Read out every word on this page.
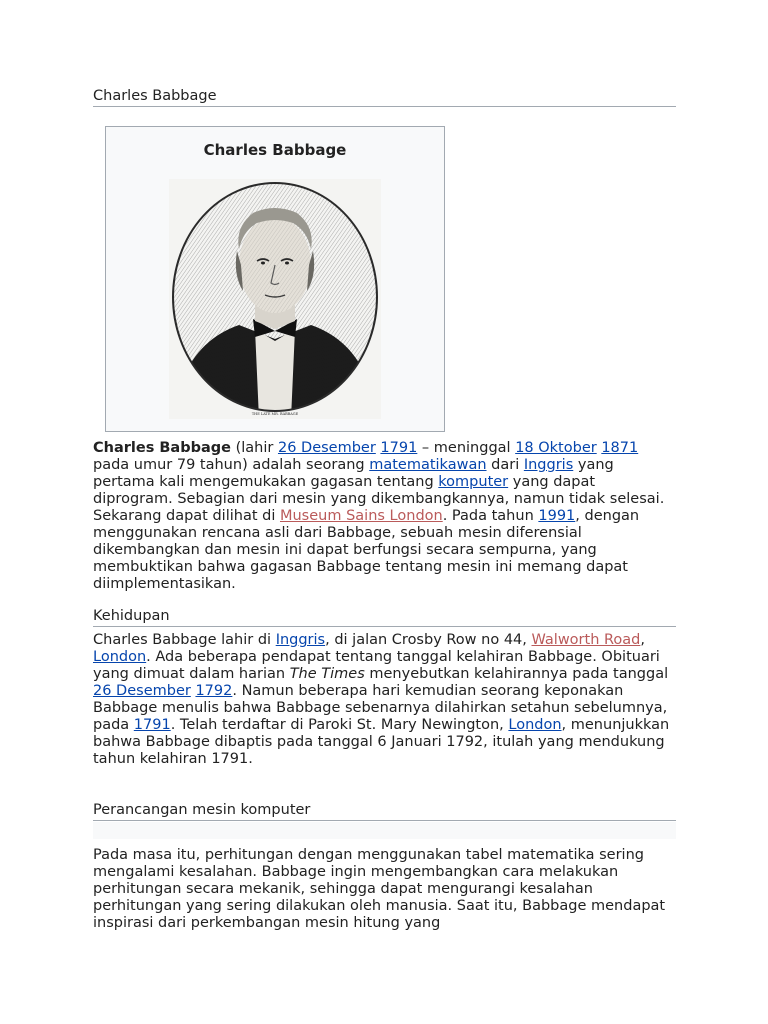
Charles Babbage
Charles Babbage
THE LATE MR. BABBAGE

Charles Babbage (lahir 26 Desember 1791 – meninggal 18 Oktober 1871 pada umur 79 tahun) adalah seorang matematikawan dari Inggris yang pertama kali mengemukakan gagasan tentang komputer yang dapat diprogram. Sebagian dari mesin yang dikembangkannya, namun tidak selesai. Sekarang dapat dilihat di Museum Sains London. Pada tahun 1991, dengan menggunakan rencana asli dari Babbage, sebuah mesin diferensial dikembangkan dan mesin ini dapat berfungsi secara sempurna, yang membuktikan bahwa gagasan Babbage tentang mesin ini memang dapat diimplementasikan.

Kehidupan

Charles Babbage lahir di Inggris, di jalan Crosby Row no 44, Walworth Road, London. Ada beberapa pendapat tentang tanggal kelahiran Babbage. Obituari yang dimuat dalam harian The Times menyebutkan kelahirannya pada tanggal 26 Desember 1792. Namun beberapa hari kemudian seorang keponakan Babbage menulis bahwa Babbage sebenarnya dilahirkan setahun sebelumnya, pada 1791. Telah terdaftar di Paroki St. Mary Newington, London, menunjukkan bahwa Babbage dibaptis pada tanggal 6 Januari 1792, itulah yang mendukung tahun kelahiran 1791.

Perancangan mesin komputer

Pada masa itu, perhitungan dengan menggunakan tabel matematika sering mengalami kesalahan. Babbage ingin mengembangkan cara melakukan perhitungan secara mekanik, sehingga dapat mengurangi kesalahan perhitungan yang sering dilakukan oleh manusia. Saat itu, Babbage mendapat inspirasi dari perkembangan mesin hitung yang
